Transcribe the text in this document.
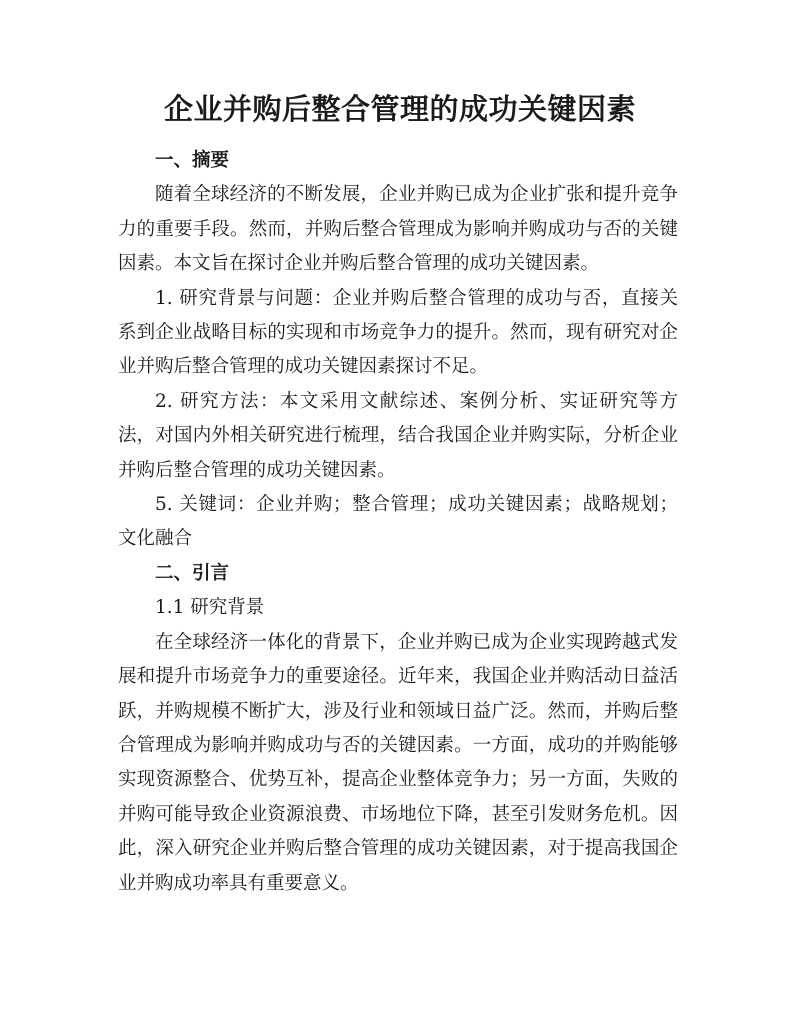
企业并购后整合管理的成功关键因素

一、摘要

随着全球经济的不断发展，企业并购已成为企业扩张和提升竞争力的重要手段。然而，并购后整合管理成为影响并购成功与否的关键因素。本文旨在探讨企业并购后整合管理的成功关键因素。

1. 研究背景与问题：企业并购后整合管理的成功与否，直接关系到企业战略目标的实现和市场竞争力的提升。然而，现有研究对企业并购后整合管理的成功关键因素探讨不足。

2. 研究方法：本文采用文献综述、案例分析、实证研究等方法，对国内外相关研究进行梳理，结合我国企业并购实际，分析企业并购后整合管理的成功关键因素。

5. 关键词：企业并购；整合管理；成功关键因素；战略规划；文化融合

二、引言

1.1 研究背景

在全球经济一体化的背景下，企业并购已成为企业实现跨越式发展和提升市场竞争力的重要途径。近年来，我国企业并购活动日益活跃，并购规模不断扩大，涉及行业和领域日益广泛。然而，并购后整合管理成为影响并购成功与否的关键因素。一方面，成功的并购能够实现资源整合、优势互补，提高企业整体竞争力；另一方面，失败的并购可能导致企业资源浪费、市场地位下降，甚至引发财务危机。因此，深入研究企业并购后整合管理的成功关键因素，对于提高我国企业并购成功率具有重要意义。
